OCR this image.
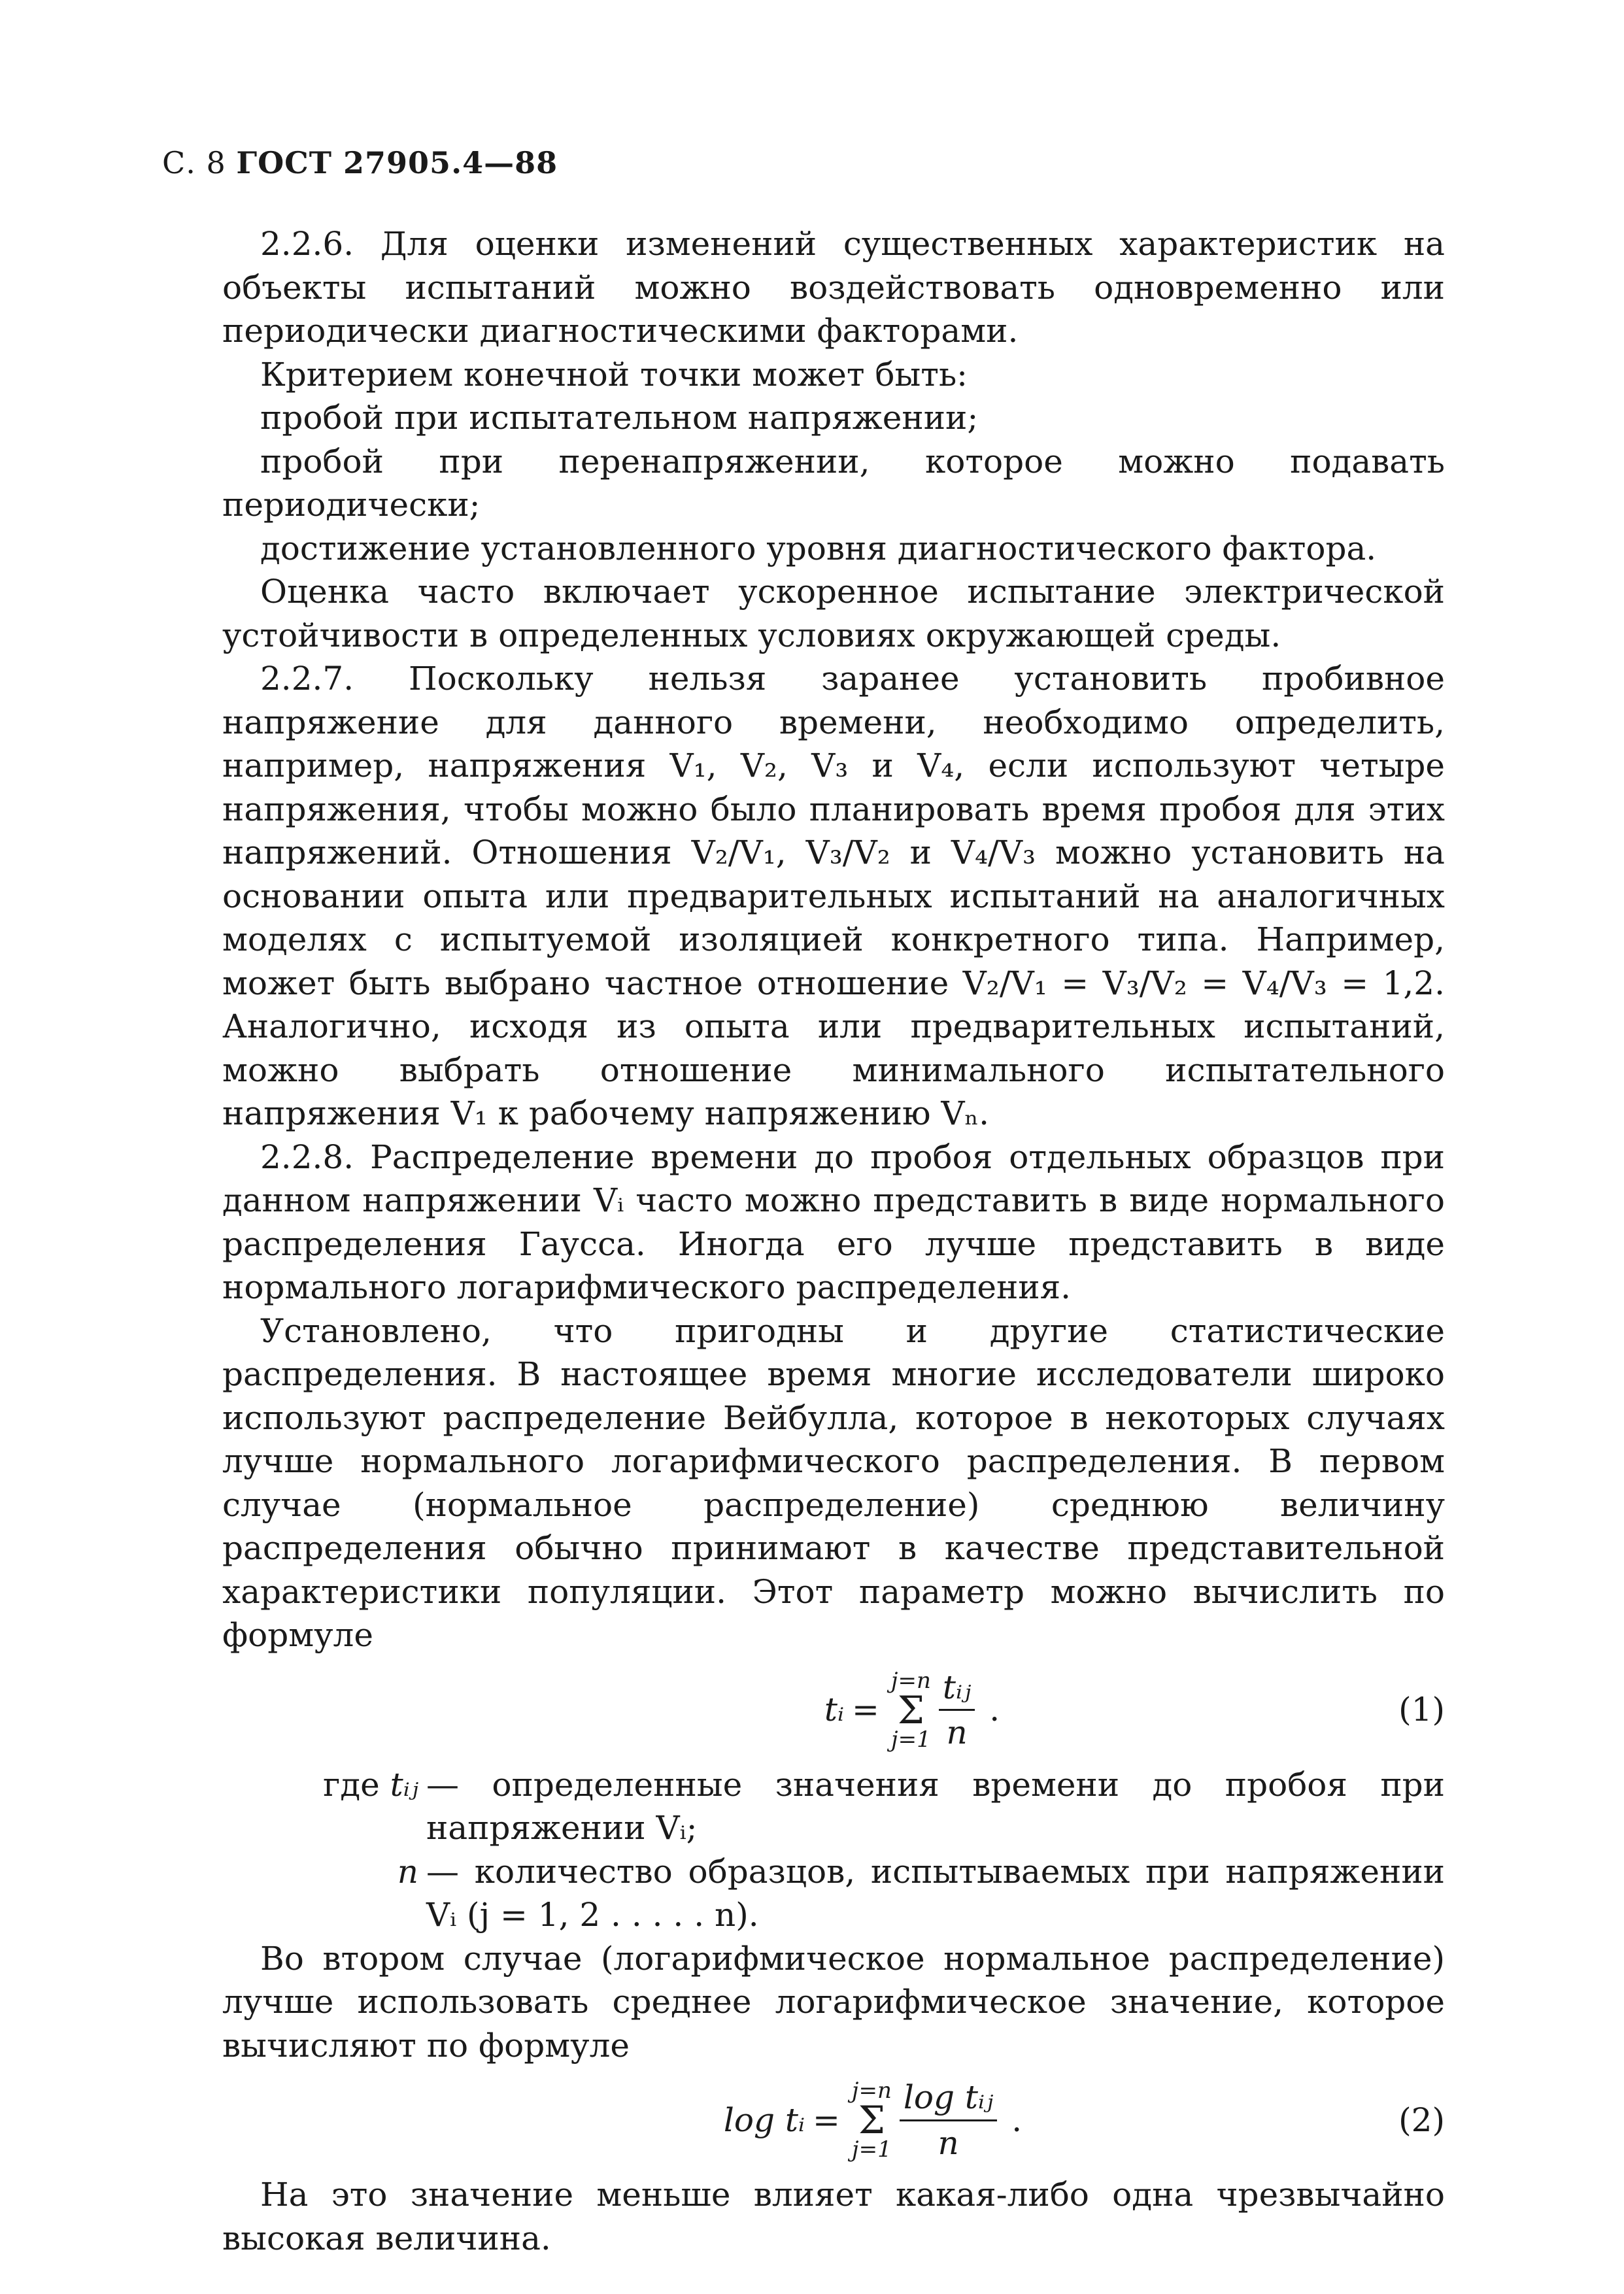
С. 8 ГОСТ 27905.4—88

2.2.6. Для оценки изменений существенных характеристик на объекты испытаний можно воздействовать одновременно или периодически диагностическими факторами.

Критерием конечной точки может быть:

пробой при испытательном напряжении;

пробой при перенапряжении, которое можно подавать периодически;

достижение установленного уровня диагностического фактора.

Оценка часто включает ускоренное испытание электрической устойчивости в определенных условиях окружающей среды.

2.2.7. Поскольку нельзя заранее установить пробивное напряжение для данного времени, необходимо определить, например, напряжения V₁, V₂, V₃ и V₄, если используют четыре напряжения, чтобы можно было планировать время пробоя для этих напряжений. Отношения V₂/V₁, V₃/V₂ и V₄/V₃ можно установить на основании опыта или предварительных испытаний на аналогичных моделях с испытуемой изоляцией конкретного типа. Например, может быть выбрано частное отношение V₂/V₁ = V₃/V₂ = V₄/V₃ = 1,2. Аналогично, исходя из опыта или предварительных испытаний, можно выбрать отношение минимального испытательного напряжения V₁ к рабочему напряжению Vₙ.

2.2.8. Распределение времени до пробоя отдельных образцов при данном напряжении Vᵢ часто можно представить в виде нормального распределения Гаусса. Иногда его лучше представить в виде нормального логарифмического распределения.

Установлено, что пригодны и другие статистические распределения. В настоящее время многие исследователи широко используют распределение Вейбулла, которое в некоторых случаях лучше нормального логарифмического распределения. В первом случае (нормальное распределение) среднюю величину распределения обычно принимают в качестве представительной характеристики популяции. Этот параметр можно вычислить по формуле

tᵢ =
j=n
Σ
$j=1 \frac{\text{tᵢⱼ}}{n}$ .	(1)
где tᵢⱼ — определенные значения времени до пробоя при напряжении Vᵢ;
n — количество образцов, испытываемых при напряжении Vᵢ (j = 1, 2 . . . . . n).

Во втором случае (логарифмическое нормальное распределение) лучше использовать среднее логарифмическое значение, которое вычисляют по формуле

log tᵢ =
j=n
Σ
$j=1 \frac{\text{log tᵢⱼ}}{n}$ .	(2)

На это значение меньше влияет какая-либо одна чрезвычайно высокая величина.
